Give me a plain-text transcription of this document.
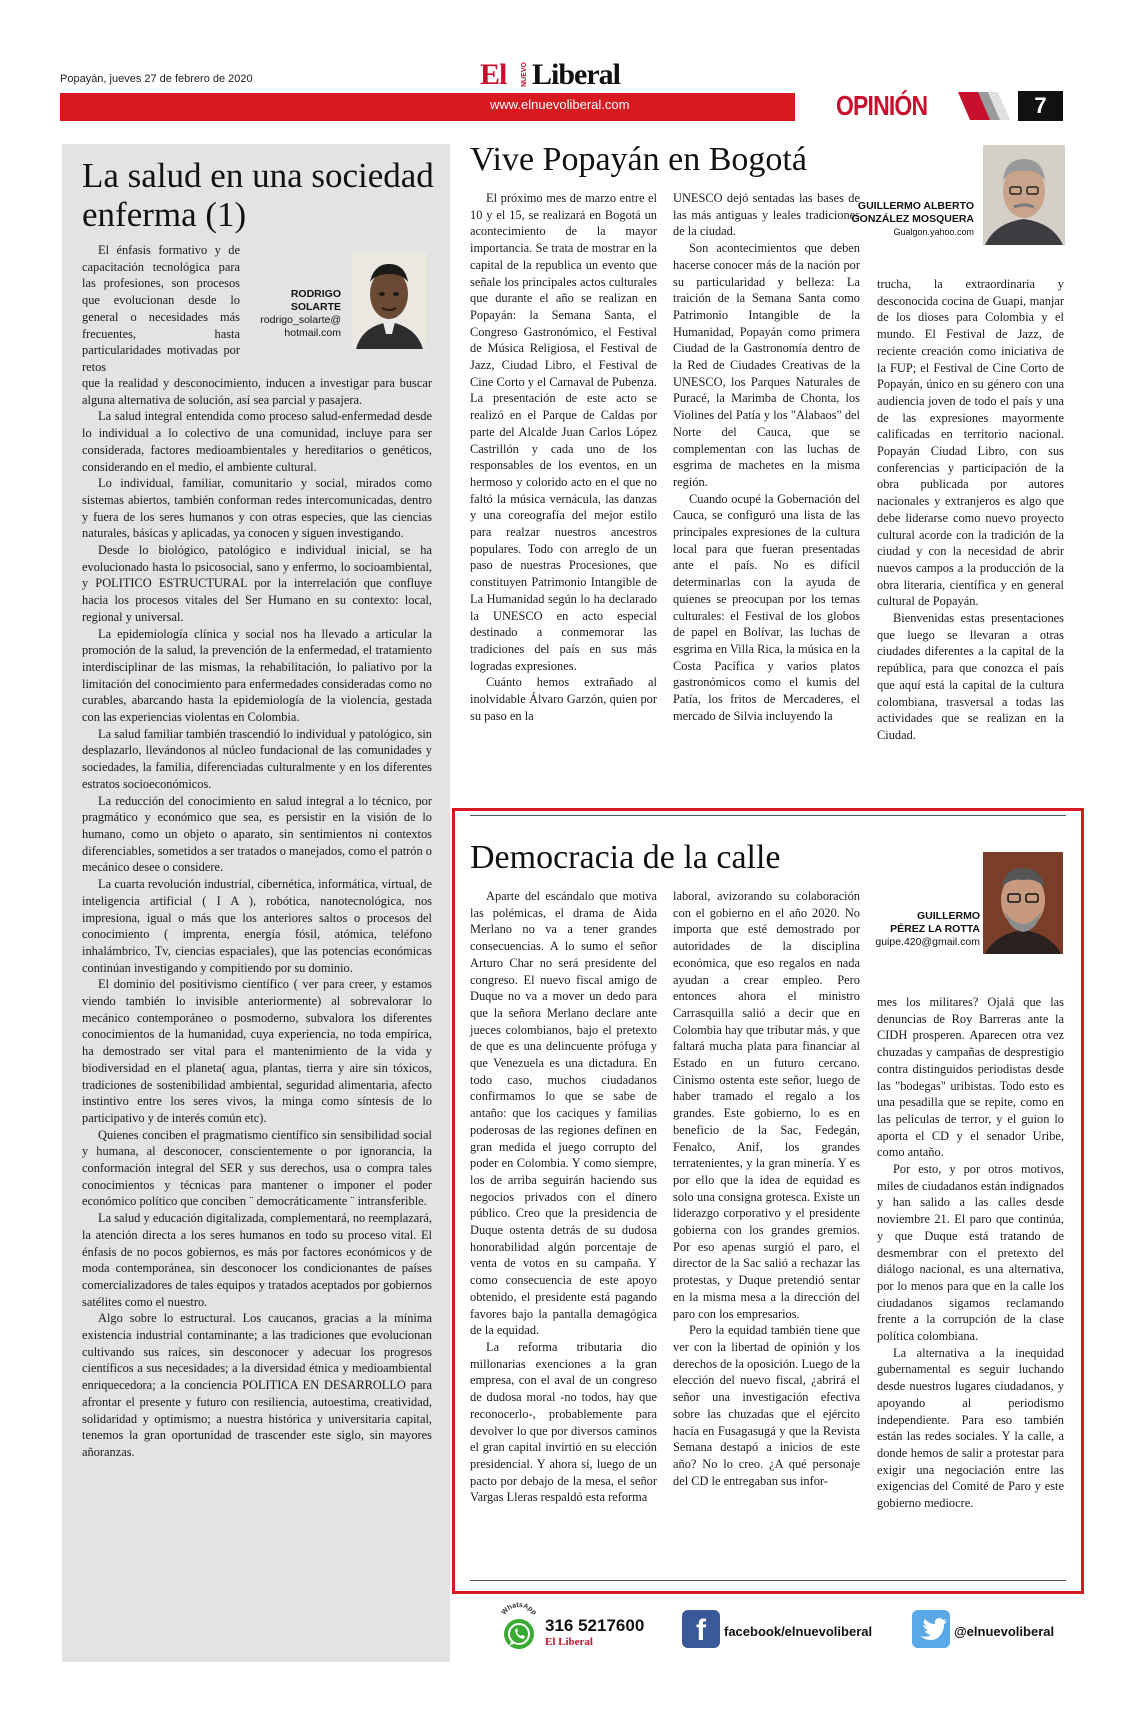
Popayán, jueves 27 de febrero de 2020	El NUEVO Liberal
www.elnuevoliberal.com	OPINIÓN	7
La salud en una sociedad enferma (1)

El énfasis formativo y de capacitación tecnológica para las profesiones, son procesos que evolucionan desde lo general o necesidades más frecuentes, hasta particularidades motivadas por retos

RODRIGO SOLARTE
rodrigo_solarte@
hotmail.com

que la realidad y desconocimiento, inducen a investigar para buscar alguna alternativa de solución, así sea parcial y pasajera.

La salud integral entendida como proceso salud-enfermedad desde lo individual a lo colectivo de una comunidad, incluye para ser considerada, factores medioambientales y hereditarios o genéticos, considerando en el medio, el ambiente cultural.

Lo individual, familiar, comunitario y social, mirados como sistemas abiertos, también conforman redes intercomunicadas, dentro y fuera de los seres humanos y con otras especies, que las ciencias naturales, básicas y aplicadas, ya conocen y siguen investigando.

Desde lo biológico, patológico e individual inicial, se ha evolucionado hasta lo psicosocial, sano y enfermo, lo socioambiental, y POLITICO ESTRUCTURAL por la interrelación que confluye hacia los procesos vitales del Ser Humano en su contexto: local, regional y universal.

La epidemiología clínica y social nos ha llevado a articular la promoción de la salud, la prevención de la enfermedad, el tratamiento interdisciplinar de las mismas, la rehabilitación, lo paliativo por la limitación del conocimiento para enfermedades consideradas como no curables, abarcando hasta la epidemiología de la violencia, gestada con las experiencias violentas en Colombia.

La salud familiar también trascendió lo individual y patológico, sin desplazarlo, llevándonos al núcleo fundacional de las comunidades y sociedades, la familia, diferenciadas culturalmente y en los diferentes estratos socioeconómicos.

La reducción del conocimiento en salud integral a lo técnico, por pragmático y económico que sea, es persistir en la visión de lo humano, como un objeto o aparato, sin sentimientos ni contextos diferenciables, sometidos a ser tratados o manejados, como el patrón o mecánico desee o considere.

La cuarta revolución industrial, cibernética, informática, virtual, de inteligencia artificial ( I A ), robótica, nanotecnológica, nos impresiona, igual o más que los anteriores saltos o procesos del conocimiento ( imprenta, energía fósil, atómica, teléfono inhalámbrico, Tv, ciencias espaciales), que las potencias económicas continúan investigando y compitiendo por su dominio.

El dominio del positivismo científico ( ver para creer, y estamos viendo también lo invisible anteriormente) al sobrevalorar lo mecánico contemporáneo o posmoderno, subvalora los diferentes conocimientos de la humanidad, cuya experiencia, no toda empírica, ha demostrado ser vital para el mantenimiento de la vida y biodiversidad en el planeta( agua, plantas, tierra y aire sin tóxicos, tradiciones de sostenibilidad ambiental, seguridad alimentaria, afecto instintivo entre los seres vivos, la minga como síntesis de lo participativo y de interés común etc).

Quienes conciben el pragmatismo científico sin sensibilidad social y humana, al desconocer, conscientemente o por ignorancia, la conformación integral del SER y sus derechos, usa o compra tales conocimientos y técnicas para mantener o imponer el poder económico político que conciben ¨ democráticamente ¨ intransferible.

La salud y educación digitalizada, complementará, no reemplazará, la atención directa a los seres humanos en todo su proceso vital. El énfasis de no pocos gobiernos, es más por factores económicos y de moda contemporánea, sin desconocer los condicionantes de países comercializadores de tales equipos y tratados aceptados por gobiernos satélites como el nuestro.

Algo sobre lo estructural. Los caucanos, gracias a la mínima existencia industrial contaminante; a las tradiciones que evolucionan cultivando sus raíces, sin desconocer y adecuar los progresos científicos a sus necesidades; a la diversidad étnica y medioambiental enriquecedora; a la conciencia POLITICA EN DESARROLLO para afrontar el presente y futuro con resiliencia, autoestima, creatividad, solidaridad y optimismo; a nuestra histórica y universitaria capital, tenemos la gran oportunidad de trascender este siglo, sin mayores añoranzas.

Vive Popayán en Bogotá
GUILLERMO ALBERTO
GONZÁLEZ MOSQUERA
Gualgon.yahoo.com

El próximo mes de marzo entre el 10 y el 15, se realizará en Bogotá un acontecimiento de la mayor importancia. Se trata de mostrar en la capital de la republica un evento que señale los principales actos culturales que durante el año se realizan en Popayán: la Semana Santa, el Congreso Gastronómico, el Festival de Música Religiosa, el Festival de Jazz, Ciudad Libro, el Festival de Cine Corto y el Carnaval de Pubenza. La presentación de este acto se realizó en el Parque de Caldas por parte del Alcalde Juan Carlos López Castrillón y cada uno de los responsables de los eventos, en un hermoso y colorido acto en el que no faltó la música vernácula, las danzas y una coreografía del mejor estilo para realzar nuestros ancestros populares. Todo con arreglo de un paso de nuestras Procesiones, que constituyen Patrimonio Intangible de La Humanidad según lo ha declarado la UNESCO en acto especial destinado a conmemorar las tradiciones del país en sus más logradas expresiones.

Cuánto hemos extrañado al inolvidable Álvaro Garzón, quien por su paso en la

UNESCO dejó sentadas las bases de las más antiguas y leales tradiciones de la ciudad.

Son acontecimientos que deben hacerse conocer más de la nación por su particularidad y belleza: La traición de la Semana Santa como Patrimonio Intangible de la Humanidad, Popayán como primera Ciudad de la Gastronomía dentro de la Red de Ciudades Creativas de la UNESCO, los Parques Naturales de Puracé, la Marimba de Chonta, los Violines del Patía y los "Alabaos" del Norte del Cauca, que se complementan con las luchas de esgrima de machetes en la misma región.

Cuando ocupé la Gobernación del Cauca, se configuró una lista de las principales expresiones de la cultura local para que fueran presentadas ante el país. No es difícil determinarlas con la ayuda de quienes se preocupan por los temas culturales: el Festival de los globos de papel en Bolívar, las luchas de esgrima en Villa Rica, la música en la Costa Pacífica y varios platos gastronómicos como el kumis del Patía, los fritos de Mercaderes, el mercado de Silvia incluyendo la

trucha, la extraordinaria y desconocida cocina de Guapi, manjar de los dioses para Colombia y el mundo. El Festival de Jazz, de reciente creación como iniciativa de la FUP; el Festival de Cine Corto de Popayán, único en su género con una audiencia joven de todo el país y una de las expresiones mayormente calificadas en territorio nacional. Popayán Ciudad Libro, con sus conferencias y participación de la obra publicada por autores nacionales y extranjeros es algo que debe liderarse como nuevo proyecto cultural acorde con la tradición de la ciudad y con la necesidad de abrir nuevos campos a la producción de la obra literaria, científica y en general cultural de Popayán.

Bienvenidas estas presentaciones que luego se llevaran a otras ciudades diferentes a la capital de la república, para que conozca el país que aquí está la capital de la cultura colombiana, trasversal a todas las actividades que se realizan en la Ciudad.

Democracia de la calle
GUILLERMO
PÉREZ LA ROTTA
guipe.420@gmail.com

Aparte del escándalo que motiva las polémicas, el drama de Aida Merlano no va a tener grandes consecuencias. A lo sumo el señor Arturo Char no será presidente del congreso. El nuevo fiscal amigo de Duque no va a mover un dedo para que la señora Merlano declare ante jueces colombianos, bajo el pretexto de que es una delincuente prófuga y que Venezuela es una dictadura. En todo caso, muchos ciudadanos confirmamos lo que se sabe de antaño: que los caciques y familias poderosas de las regiones definen en gran medida el juego corrupto del poder en Colombia. Y como siempre, los de arriba seguirán haciendo sus negocios privados con el dinero público. Creo que la presidencia de Duque ostenta detrás de su dudosa honorabilidad algún porcentaje de venta de votos en su campaña. Y como consecuencia de este apoyo obtenido, el presidente está pagando favores bajo la pantalla demagógica de la equidad.

La reforma tributaria dio millonarias exenciones a la gran empresa, con el aval de un congreso de dudosa moral -no todos, hay que reconocerlo-, probablemente para devolver lo que por diversos caminos el gran capital invirtió en su elección presidencial. Y ahora sí, luego de un pacto por debajo de la mesa, el señor Vargas Lleras respaldó esta reforma

laboral, avizorando su colaboración con el gobierno en el año 2020. No importa que esté demostrado por autoridades de la disciplina económica, que eso regalos en nada ayudan a crear empleo. Pero entonces ahora el ministro Carrasquilla salió a decir que en Colombia hay que tributar más, y que faltará mucha plata para financiar al Estado en un futuro cercano. Cinismo ostenta este señor, luego de haber tramado el regalo a los grandes. Este gobierno, lo es en beneficio de la Sac, Fedegán, Fenalco, Anif, los grandes terratenientes, y la gran minería. Y es por ello que la idea de equidad es solo una consigna grotesca. Existe un liderazgo corporativo y el presidente gobierna con los grandes gremios. Por eso apenas surgió el paro, el director de la Sac salió a rechazar las protestas, y Duque pretendió sentar en la misma mesa a la dirección del paro con los empresarios.

Pero la equidad también tiene que ver con la libertad de opinión y los derechos de la oposición. Luego de la elección del nuevo fiscal, ¿abrirá el señor una investigación efectiva sobre las chuzadas que el ejército hacía en Fusagasugá y que la Revista Semana destapó a inicios de este año? No lo creo. ¿A qué personaje del CD le entregaban sus infor-

mes los militares? Ojalá que las denuncias de Roy Barreras ante la CIDH prosperen. Aparecen otra vez chuzadas y campañas de desprestigio contra distinguidos periodistas desde las "bodegas" uribistas. Todo esto es una pesadilla que se repite, como en las películas de terror, y el guion lo aporta el CD y el senador Uribe, como antaño.

Por esto, y por otros motivos, miles de ciudadanos están indignados y han salido a las calles desde noviembre 21. El paro que continúa, y que Duque está tratando de desmembrar con el pretexto del diálogo nacional, es una alternativa, por lo menos para que en la calle los ciudadanos sigamos reclamando frente a la corrupción de la clase política colombiana.

La alternativa a la inequidad gubernamental es seguir luchando desde nuestros lugares ciudadanos, y apoyando al periodismo independiente. Para eso también están las redes sociales. Y la calle, a donde hemos de salir a protestar para exigir una negociación entre las exigencias del Comité de Paro y este gobierno mediocre.

WhatsApp
316 5217600
El Liberal	f	facebook/elnuevoliberal	@elnuevoliberal
